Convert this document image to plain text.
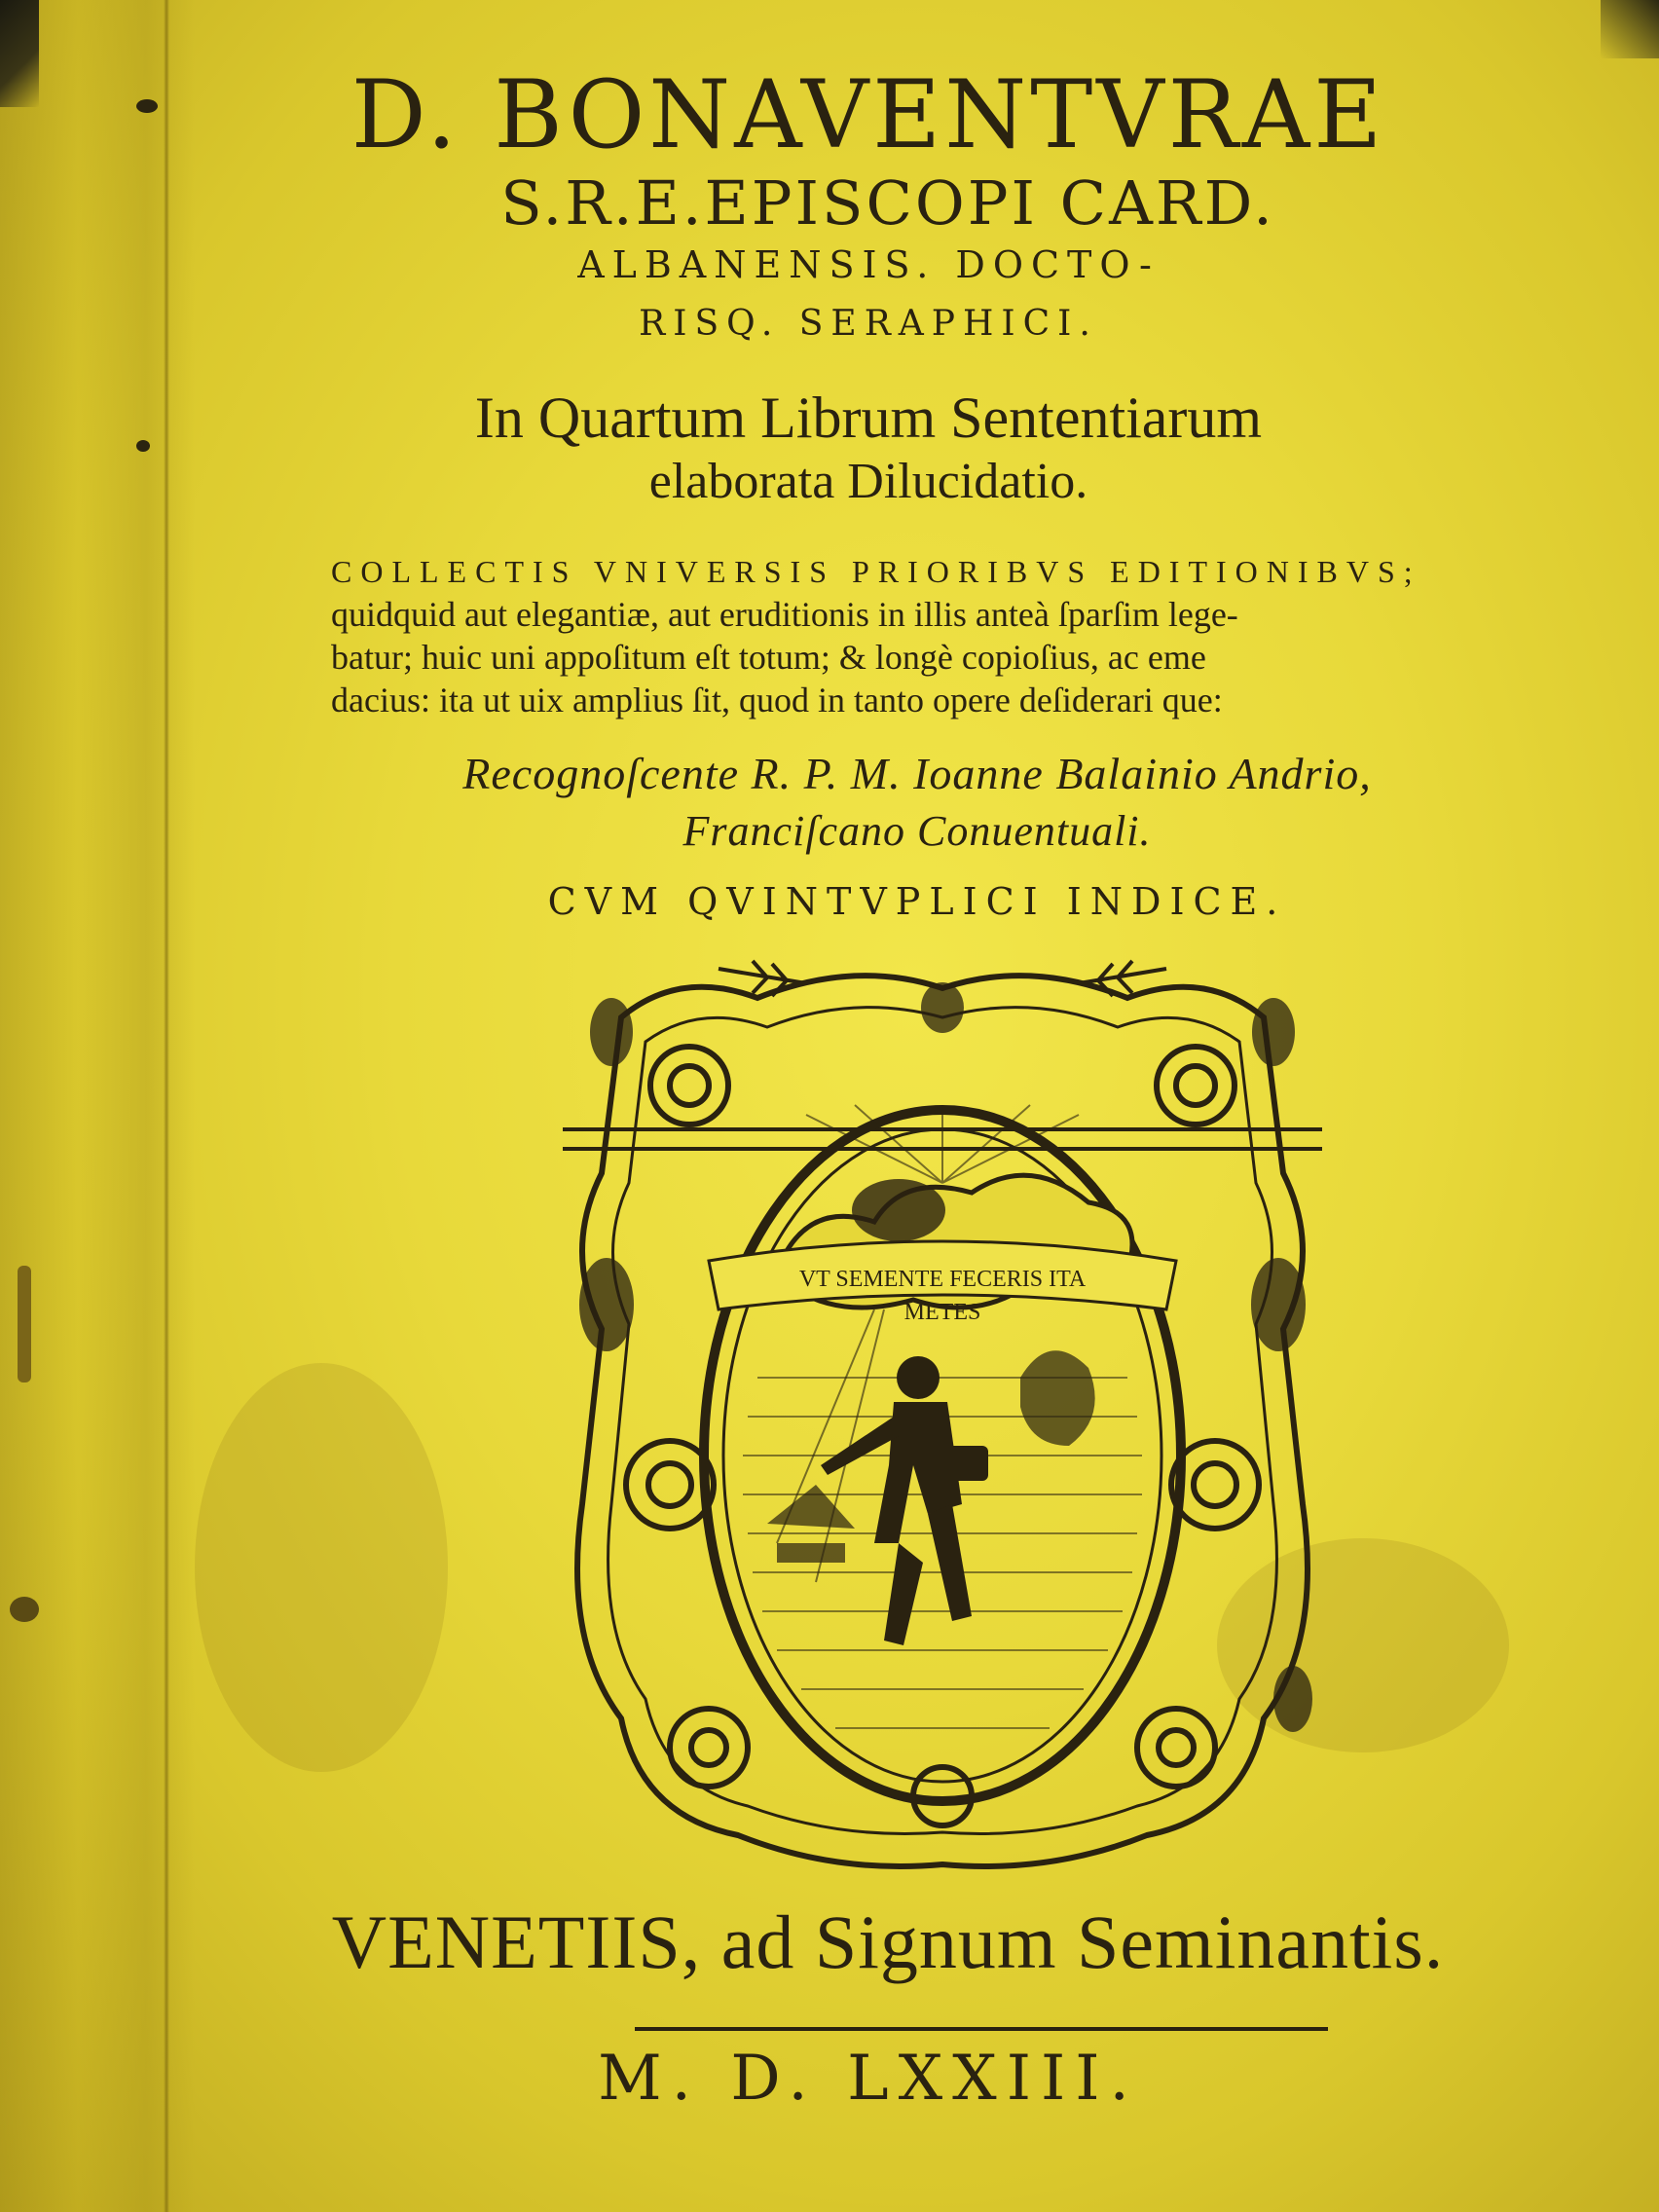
D. BONAVENTVRAE
S.R.E.EPISCOPI CARD.
ALBANENSIS. DOCTO-
RISQ. SERAPHICI.
In Quartum Librum Sententiarum
elaborata Dilucidatio.
COLLECTIS VNIVERSIS PRIORIBVS EDITIONIBVS;
quidquid aut elegantiæ, aut eruditionis in illis anteà ſparſim lege-
batur; huic uni appoſitum eſt totum; & longè copioſius, ac eme
dacius: ita ut uix amplius ſit, quod in tanto opere deſiderari que:
Recognoſcente R. P. M. Ioanne Balainio Andrio,
Franciſcano Conuentuali.
CVM QVINTVPLICI INDICE.
VT SEMENTE FECERIS ITA
METES
VENETIIS, ad Signum Seminantis.
M. D. LXXIII.
